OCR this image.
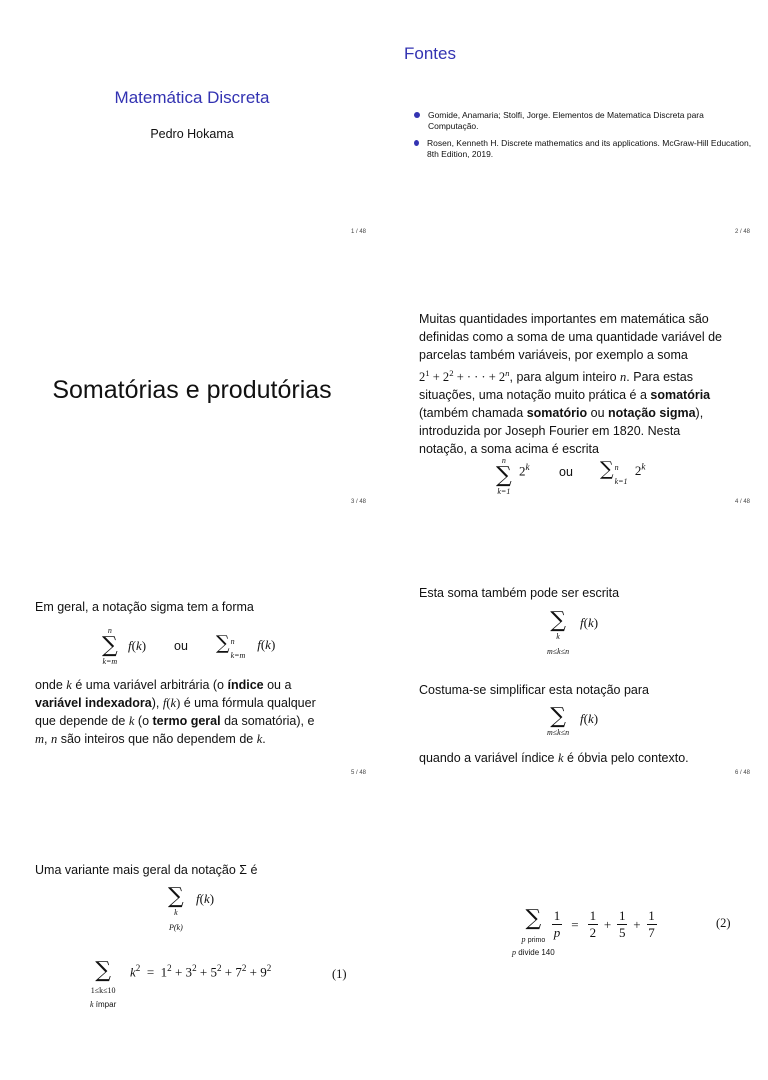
Matemática Discreta
Pedro Hokama
1 / 48
Fontes
Gomide, Anamaria; Stolfi, Jorge. Elementos de Matematica Discreta para Computação.
Rosen, Kenneth H. Discrete mathematics and its applications. McGraw-Hill Education, 8th Edition, 2019.
2 / 48
Somatórias e produtórias
3 / 48
Muitas quantidades importantes em matemática são
definidas como a soma de uma quantidade variável de
parcelas também variáveis, por exemplo a soma
$2^1 + 2^2$ + · · · + $2^n$, para algum inteiro n. Para estas
situações, uma notação muito prática é a somatória
(também chamada somatório ou notação sigma),
introduzida por Joseph Fourier em 1820. Nesta
notação, a soma acima é escrita
n
∑
k=1
2$^k$ ou ∑ n
k=1
2$^k$
4 / 48
Em geral, a notação sigma tem a forma
n
∑
k=m
f(k) ou ∑ n
k=m
f(k)
onde k é uma variável arbitrária (o índice ou a
variável indexadora), f(k) é uma fórmula qualquer
que depende de k (o termo geral da somatória), e
m, n são inteiros que não dependem de k.
5 / 48
Esta soma também pode ser escrita
∑
k
m≤k≤n
f(k)
Costuma-se simplificar esta notação para
∑
m≤k≤n
f(k)
quando a variável índice k é óbvia pelo contexto.
6 / 48
Uma variante mais geral da notação Σ é
∑
k
P(k)
f(k)
∑
1≤k≤10
k ímpar
$k^2 = 1^2 + 3^2 + 5^2 + 7^2 + 9^2$	(1)
∑
p primo
p divide 140
$\frac{1}{p} = \frac{1}{2} + \frac{1}{5} + \frac{1}{7}$	(2)
